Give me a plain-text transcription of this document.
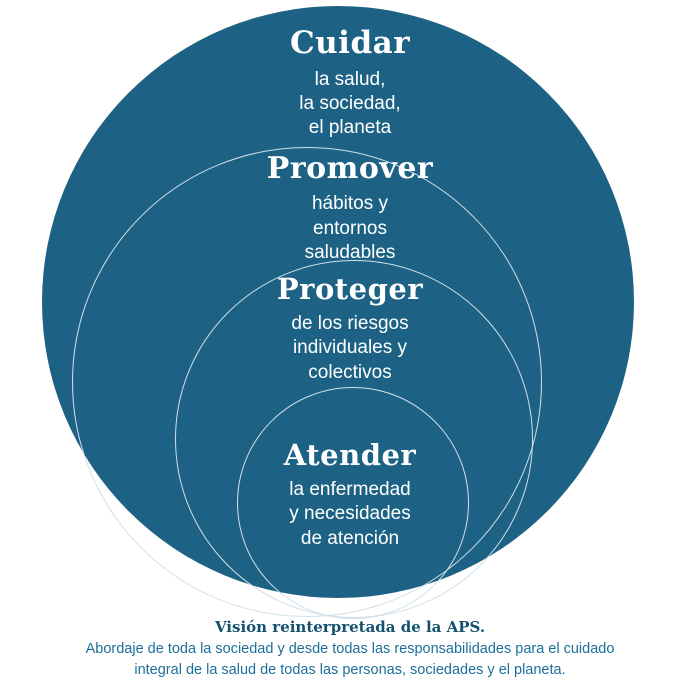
Cuidar
la salud,
la sociedad,
el planeta
Promover
hábitos y
entornos
saludables
Proteger
de los riesgos
individuales y
colectivos
Atender
la enfermedad
y necesidades
de atención
Visión reinterpretada de la APS.
Abordaje de toda la sociedad y desde todas las responsabilidades para el cuidado
integral de la salud de todas las personas, sociedades y el planeta.
